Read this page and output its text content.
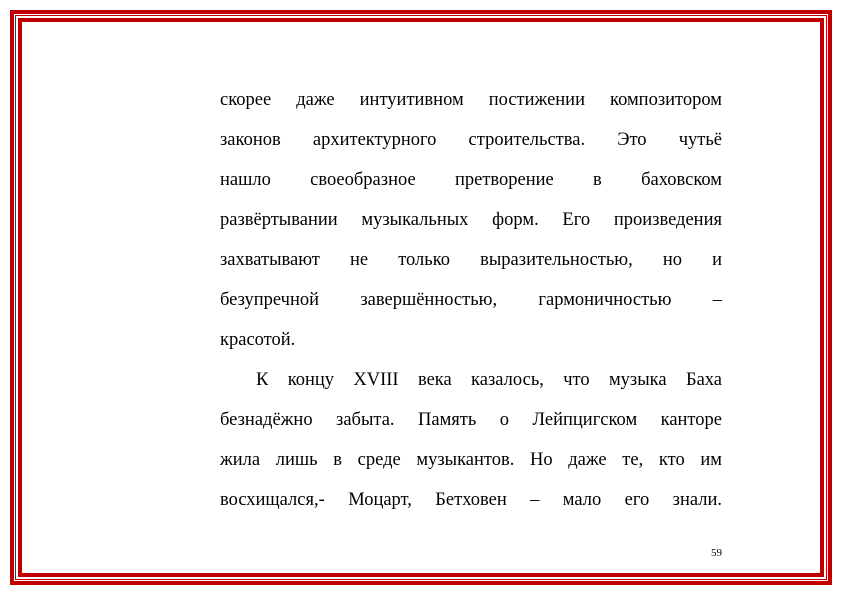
скорее даже интуитивном постижении композитором
законов архитектурного строительства. Это чутьё
нашло своеобразное претворение в баховском
развёртывании музыкальных форм. Его произведения
захватывают не только выразительностью, но и
безупречной завершённостью, гармоничностью –
красотой.
К концу XVIII века казалось, что музыка Баха
безнадёжно забыта. Память о Лейпцигском канторе
жила лишь в среде музыкантов. Но даже те, кто им
восхищался,- Моцарт, Бетховен – мало его знали.
59
